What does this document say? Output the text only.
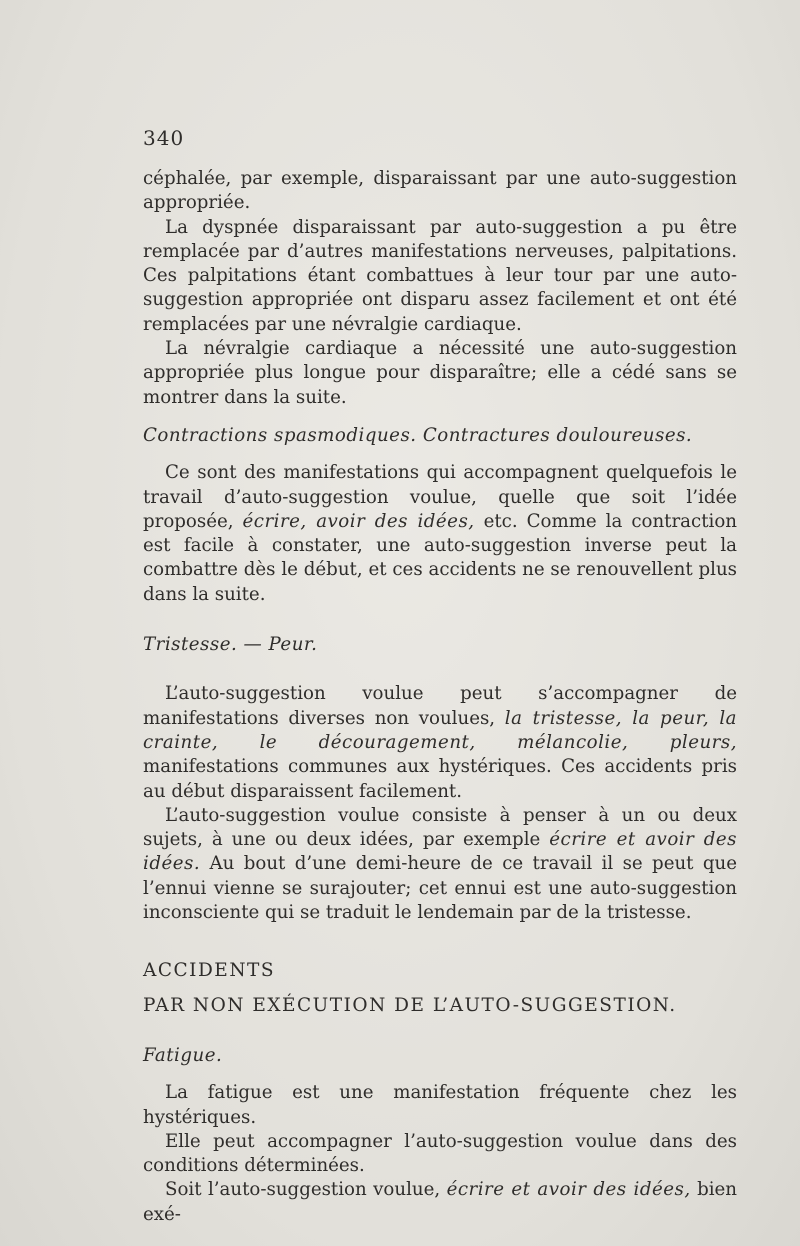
340

céphalée, par exemple, disparaissant par une auto-suggestion appropriée.

La dyspnée disparaissant par auto-suggestion a pu être remplacée par d’autres manifestations nerveuses, palpitations. Ces palpitations étant combattues à leur tour par une auto-suggestion appropriée ont disparu assez facilement et ont été remplacées par une névralgie cardiaque.

La névralgie cardiaque a nécessité une auto-suggestion appropriée plus longue pour disparaître; elle a cédé sans se montrer dans la suite.

Contractions spasmodiques. Contractures douloureuses.

Ce sont des manifestations qui accompagnent quelquefois le travail d’auto-suggestion voulue, quelle que soit l’idée proposée, écrire, avoir des idées, etc. Comme la contraction est facile à constater, une auto-suggestion inverse peut la combattre dès le début, et ces accidents ne se renouvellent plus dans la suite.

Tristesse. — Peur.

L’auto-suggestion voulue peut s’accompagner de manifestations diverses non voulues, la tristesse, la peur, la crainte, le découragement, mélancolie, pleurs, manifestations communes aux hystériques. Ces accidents pris au début disparaissent facilement.

L’auto-suggestion voulue consiste à penser à un ou deux sujets, à une ou deux idées, par exemple écrire et avoir des idées. Au bout d’une demi-heure de ce travail il se peut que l’ennui vienne se surajouter; cet ennui est une auto-suggestion inconsciente qui se traduit le lendemain par de la tristesse.

ACCIDENTS

PAR NON EXÉCUTION DE L’AUTO-SUGGESTION.

Fatigue.

La fatigue est une manifestation fréquente chez les hystériques.

Elle peut accompagner l’auto-suggestion voulue dans des conditions déterminées.

Soit l’auto-suggestion voulue, écrire et avoir des idées, bien exé-
